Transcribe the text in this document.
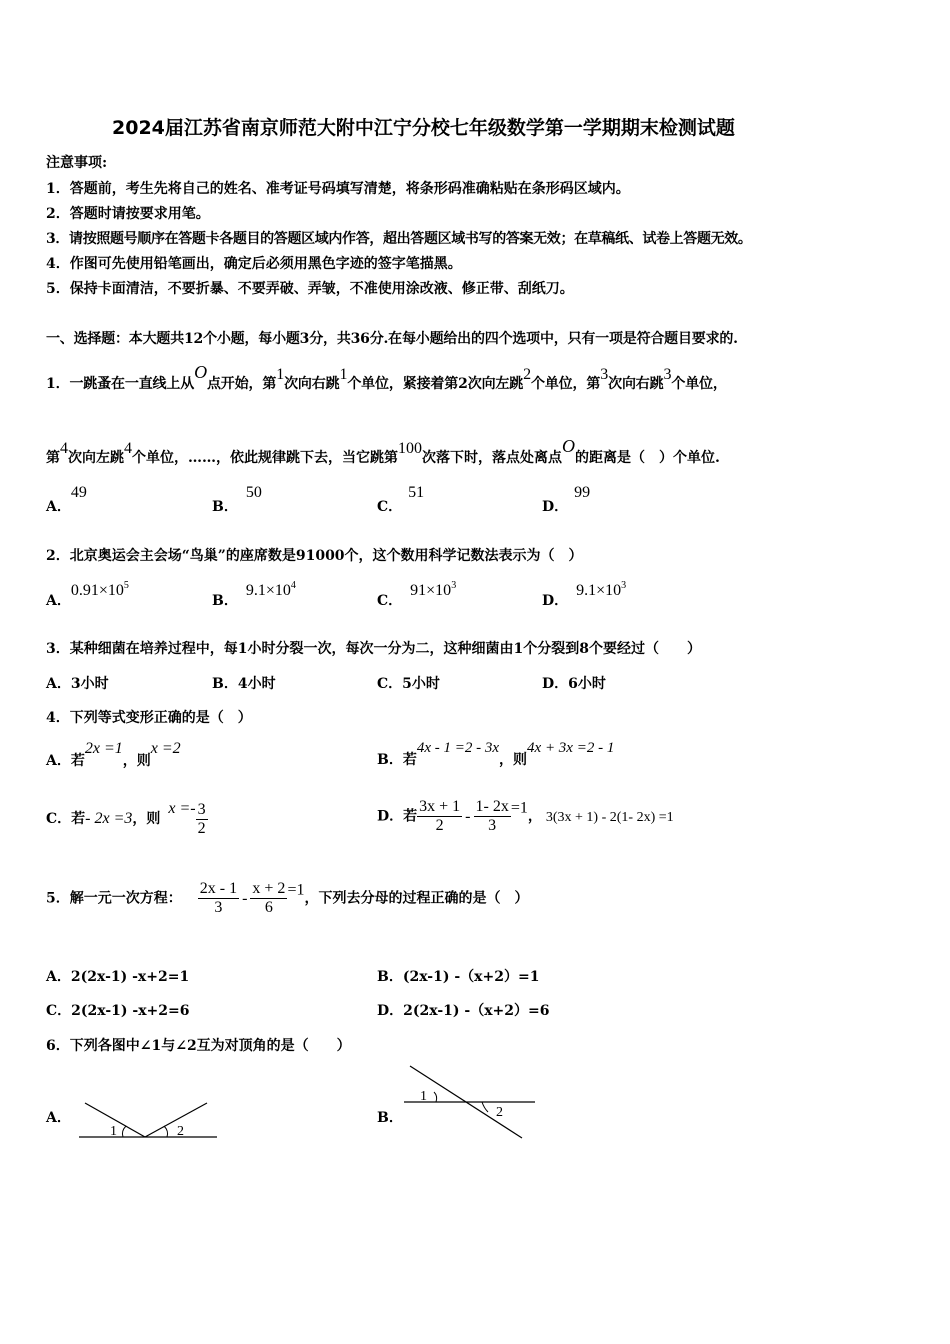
2024届江苏省南京师范大附中江宁分校七年级数学第一学期期末检测试题
注意事项:
1．答题前，考生先将自己的姓名、准考证号码填写清楚，将条形码准确粘贴在条形码区域内。
2．答题时请按要求用笔。
3．请按照题号顺序在答题卡各题目的答题区域内作答，超出答题区域书写的答案无效；在草稿纸、试卷上答题无效。
4．作图可先使用铅笔画出，确定后必须用黑色字迹的签字笔描黑。
5．保持卡面清洁，不要折暴、不要弄破、弄皱，不准使用涂改液、修正带、刮纸刀。
一、选择题：本大题共12个小题，每小题3分，共36分.在每小题给出的四个选项中，只有一项是符合题目要求的.
1．一跳蚤在一直线上从O点开始，第1次向右跳1个单位，紧接着第2次向左跳2个单位，第3次向右跳3个单位，
第4次向左跳4个单位，……，依此规律跳下去，当它跳第100次落下时，落点处离点O的距离是（　）个单位.
A．49
B．50
C．51
D．99
2．北京奥运会主会场“鸟巢”的座席数是91000个，这个数用科学记数法表示为（　）
A．$0.91\times 10^5$
B．$9.1\times 10^4$
C．$91\times 10^3$
D．$9.1\times 10^3$
3．某种细菌在培养过程中，每1小时分裂一次，每次一分为二，这种细菌由1个分裂到8个要经过（　　）
A．3小时	B．4小时	C．5小时	D．6小时
4．下列等式变形正确的是（　）
A．若2x =1，则x =2
B．若4x - 1 =2 - 3x，则4x + 3x =2 - 1
C．若- 2x =3，则$x =- \frac{3}{2}$	D．若 $\frac{3x + 1}{2} - \frac{1- 2x}{3} =1$， 3(3x + 1) - 2(1- 2x) =1
5．解一元一次方程： $\frac{2x - 1}{3} - \frac{x + 2}{6} =1$，下列去分母的过程正确的是（　）
A．2(2x-1) -x+2=1	B．(2x-1) -（x+2）=1
C．2(2x-1) -x+2=6	D．2(2x-1) -（x+2）=6
6．下列各图中∠1与∠2互为对顶角的是（　　）
A．	B．
1	2
1
2
